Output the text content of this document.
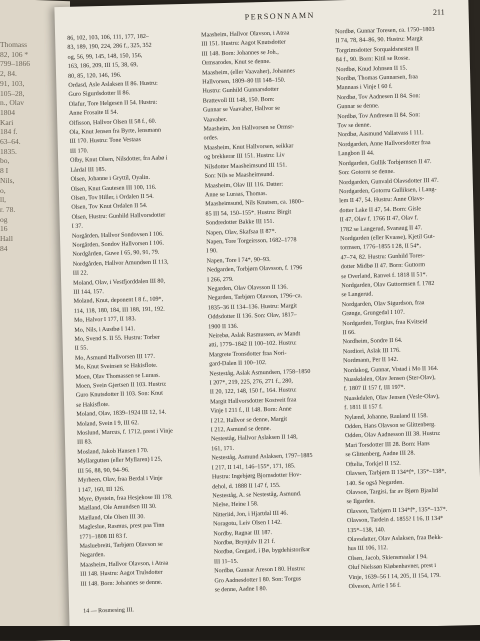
Thomass
82, 106 *
799–1866
2, 84.
91, 103,
105–28,
n., Olav
1804
Kari
184 f.
63–64.
1835.
bo,
8 I
Nils,
o,
ll,
r. 78.
og
16
Hall
84
PERSONNAMN	211
86, 102, 103, 106, 111, 177, 182–
83, 189, 190, 224, 286 f., 325, 352
og, 56, 99, 145, 148, 150, 156,
163, 186, 209, III 15, 38, 69,
80, 85, 120, 146, 196.
Ordasd, Asle Aslaksen II 86. Hustru:
Guro Sigurdsdotter II 86.
Olafur, Tore Helgesen II 54. Hustru:
Anne Frosaite II 54.
Olfisson, Hallvor Olsen II 58 f., 60.
Ola, Knut Jensen fra Byrte, lensmann
III 170. Hustru: Tone Vestaas
III 170.
Olby, Knut Olsen, Nilsdotter, fra Aabø i
Lårdal III 185.
Olsen, Johanne i Gryttil, Oyalin.
Olsen, Knut Gautesen III 100, 116.
Olsen, Tov Hiller, i Ordalen II 54.
Olsen, Tov Knut Ordalen II 54.
Olsen, Hustru: Gunhild Hallvorsdotter
I 37.
Norgården, Hallvor Sondovsen I 106.
Norgården, Sondov Hallvorsen I 106.
Nordgården, Guwe I 65, 90, 91, 79.
Nordgården, Hallvor Amundsen II 113,
III 22.
Moland, Olav, i Vestfjorddalen III 80,
III 144, 157.
Moland, Knut, deponent I 8 f., 109*,
114, 118, 180, 184, III 188, 191, 192.
Mo, Halvor I 177, II 183.
Mo, Nils, i Austbø I 141.
Mo, Svend S. II 55. Hustru: Torber
II 55.
Mo, Asmund Hallvorsen III 177.
Mo, Knut Sveinsen se Hakisflote.
Moen, Olav Thomassen se Luraas.
Moen, Svein Gjertsen II 103. Hustru:
Guro Knutsdotter II 103. Son: Knut
se Hakisflote.
Moland, Olav, 1839–1924 III 12, 14.
Moland, Svein I 9, III 62.
Moslund, Marcus, f. 1712, prest i Vinje
III 83.
Mosland, Jakob Hansen I 70.
Myllargutten (eller Myllaren) I 25,
III 56, 88, 90, 94–96.
Myrheen, Olav, fraa Berdal i Vinje
I 147, 160, III 126.
Myre, Øystein, fraa Hesjekose III 178.
Mælland, Ole Amundsen III 30.
Mælland, Ole Olsen III 30.
Magleslue, Rasmus, prest paa Tinn
1771–1808 III 83 f.
Masluebreiti, Tarbjørn Olavson se
Negarden.
Maasheim, Hallvor Olavson, i Atraa
III 148. Hustru: Aagot Trulsdotter
III 148. Born: Johannes se denne.
Maasheim, Hallvor Olavson, i Atraa
III 151. Hustru: Aagot Knutsdotter
III 148. Born: Johannes se Joh.,
Ormsarodes, Knut se denne.
Maasheim, (eller Vaavaher), Johannes
Hallvorsen, 1809–80 III 148–150.
Hustru: Gunhild Gunnarsdotter
Brattevoll III 148, 150. Born:
Gunnar se Vaavaher, Hallvor se
Vaavaher.
Maasheim, Jon Hallvorsen se Ormsr-
ordes.
Maasheim, Knut Hallvorsen, seikkar
og brekkerar III 151. Hustru: Liv
Nilsdotter Maasheimsund III 151.
Son: Nils se Maasheimsund.
Maasheim, Olav III 116. Datter:
Anne se Luraas, Thomas.
Maasheimsund, Nils Knutsen, ca. 1800–
85 III 54, 150–155*. Hustru: Birgit
Sondredotter Bakke III 151.
Napen, Olav, Skafsaa II 87*.
Napen, Tore Torgeirsson, 1682–1778
I 90.
Napen, Tore I 74*, 90–93.
Nedgarden, Torbjørn Olavsson, f. 1796
I 266, 279.
Negarden, Olav Olavsson II 136.
Negarden, Tarbjørn Olavson, 1796–ca.
1835–36 II 134–136. Hustru: Margit
Oddsdotter II 136. Son: Olav, 1817–
1900 II 136.
Neirebø, Aslak Rasmussen, av Mandt
atti, 1779–1842 II 100–102. Hustru:
Margrete Tronsdotter fraa Nori-
gard-Dalen II 100–102.
Nesteståg, Aslak Asmundsen, 1758–1850
I 207*, 219, 225, 276, 271 f., 280,
II 20, 122, 148, 150 f., 164. Hustru:
Margit Hallvorsdotter Kostveit fraa
Vinje I 211 f., II 148. Born: Anne
I 212, Hallvor se denne, Margit
I 212, Asmund se denne.
Nesteståg, Hallvor Aslaksen II 148,
161, 171.
Nesteståg, Asmund Aslaksen, 1797–1885
I 217, II 141, 146–155*, 171, 185.
Hustru: Ingebjørg Bjornsdotter Hov-
dehol, d. 1888 II 147 f, 155.
Nesteståg, A. se Nesteståg, Asmund.
Nielse, Heine I 58.
Nitteriid, Jon, i Hjartdal III 46.
Noragotu, Leiv Olsen I 142.
Nordby, Ragnar III 187.
Nordbø, Brynjulv II 21 f.
Nordbø, Gregard, i Bø, bygdehistorikar
III 11–15.
Nordbø, Gunnar Areson I 80. Hustru:
Gro Aadnesdotter I 80. Son: Torgus
se denne, Aadne I 80.
Nordbø, Gunnar Toresen, ca. 1750–1803
II 74, 78, 84–86, 90. Hustru: Margit
Torgrimsdotter Sorqualdsnesten II
84 f., 90. Born: Kitil se Rosse.
Nordbø, Knud Johnsen II 15.
Nordbø, Thomas Gunnarsen, fraa
Mannaas i Vinje I 60 f.
Nordbø, Tov Aadnesen II 84. Son:
Gunnar se denne.
Nordbø, Tov Andresen II 84. Son:
Tov se denne.
Nordbø, Aasmund Vallatvass I 111.
Nordgarden, Anne Hallvorsdotter fraa
Langbon II 44.
Nordgarden, Gullik Torbjørnsen II 47.
Son: Gotorru se denne.
Nordgarden, Gunvald Olavsdotter III 47.
Nordgarden, Gotorru Gulliksen, i Lang-
lem II 47, 54. Hustru: Anne Olavs-
dotter Lake II 47, 54. Born: Gisle
II 47, Olav f. 1766 II 47, Olav f.
1782 se Langerud, Svanaug II 47.
Nordgarden (eller Kvaase), Kjetil Gut-
tormsen, 1776–1855 I 28, II 54*,
47–74, 82. Hustru: Gunhild Tores-
dotter Midbø II 47. Born: Guttorm
se Overland, Ranvei f. 1818 II 51*.
Nordgarden, Olav Guttormsen f. 1782
se Langerud.
Nordgarden, Olav Sigurdson, fraa
Grønge, Grungedal I 107.
Nordgarden, Torgius, fraa Kvitseid
II 66.
Nordheim, Sondre II 64.
Nordiori, Aslak III 176.
Nordmann, Per II 142.
Nordakog, Gunnar, Vistad i Mo II 164.
Nuaskdalen, Olav Jensen (Ster-Olav),
f. 1807 II 157 f, III 197*.
Nuaskdalen, Olav Jensen (Vesle-Olav),
f. 1811 II 157 f.
Nylænd, Johanne, Rauland II 158.
Odden, Hans Olavson se Glittenberg.
Odden, Olav Aadnesson III 38. Hustru:
Mari Torsdotter III 28. Born: Hans
se Glittenberg, Aadne III 28.
Oftelia, Torkjel II 152.
Olavsen, Tarbjørn II 134*f*, 135*–138*,
140. Se også Negarden.
Olavson, Targisi, far av Bjørn Bjaalid
se Ilgarden.
Olavson, Tarbjørn II 134*f*, 135*–137*.
Olavson, Tardein d. 1855? I 16, II 134*
135*–138, 140.
Olavsdatter, Olav Aslaksen, fraa Bekk-
hus III 106, 112.
Olsen, Jacob, Skiensmaalar I 94.
Oluf Nielssøn Kiøbenhavner, prest i
Vinje, 1639–56 I 14, 205, II 154, 179.
Olveson, Arrie I 56 f.
14 — Rosmesing III.
